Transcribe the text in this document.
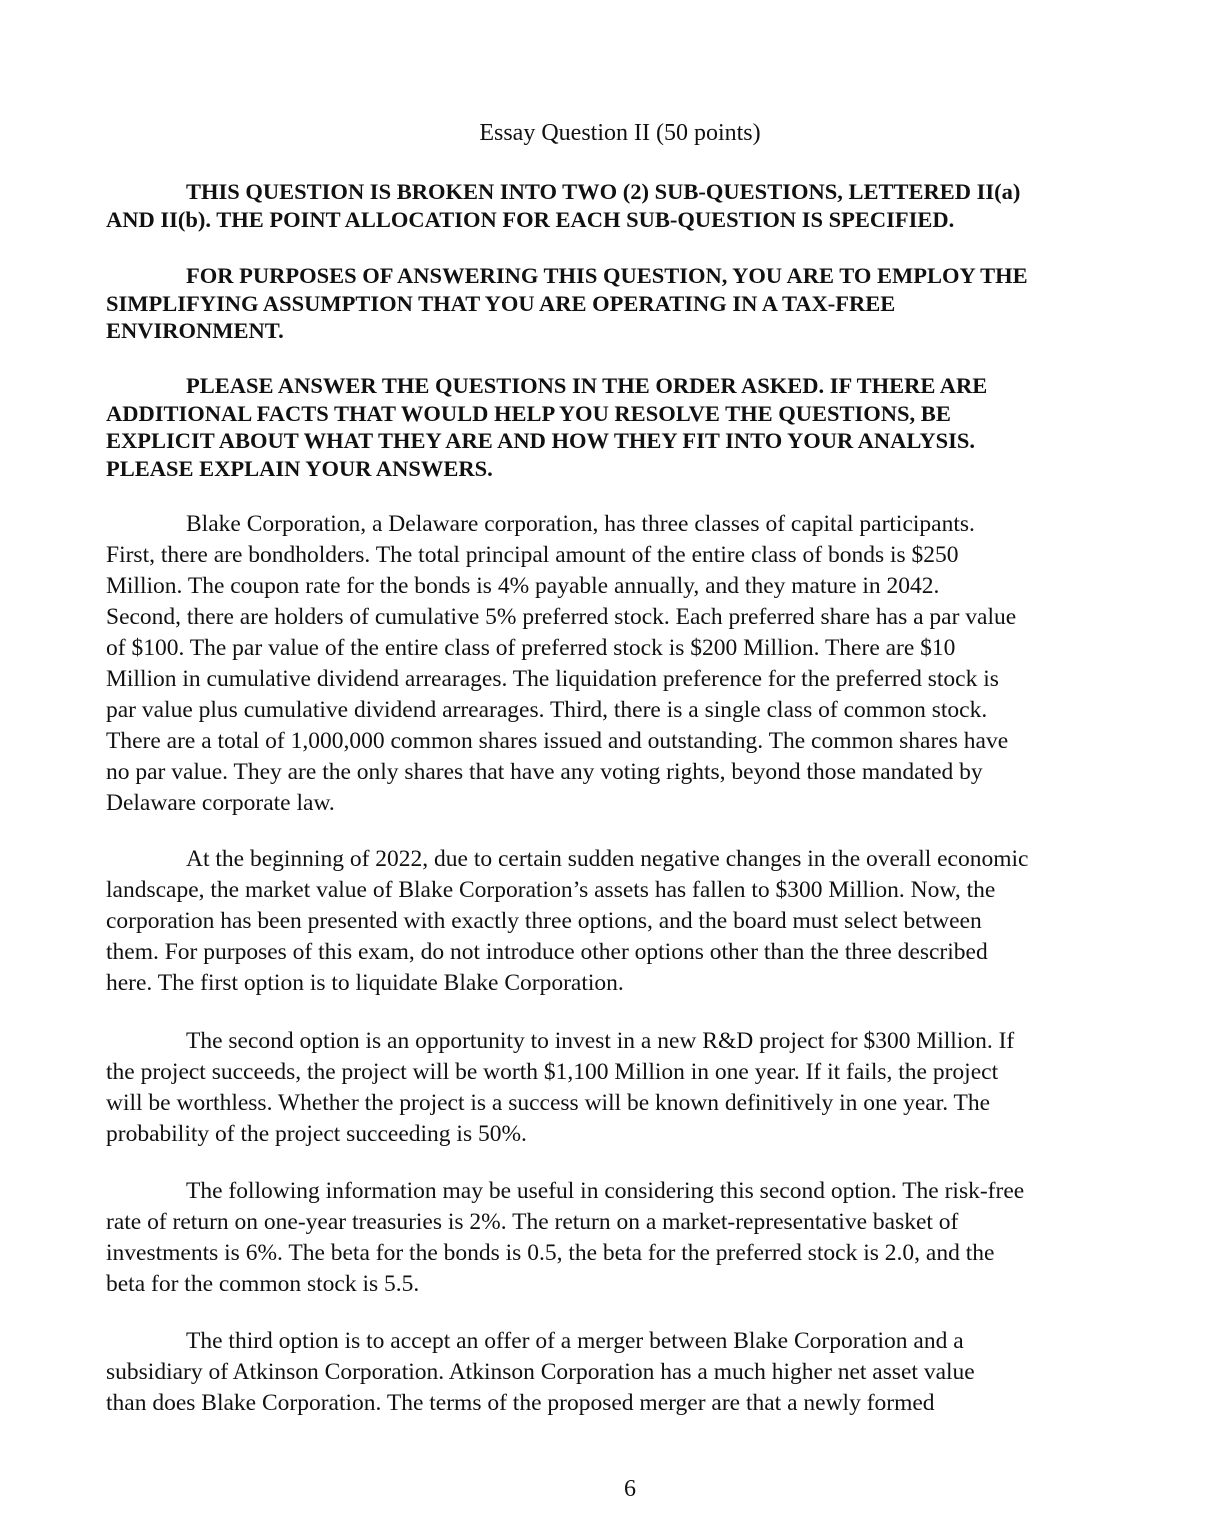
Essay Question II (50 points)
THIS QUESTION IS BROKEN INTO TWO (2) SUB-QUESTIONS, LETTERED II(a)
AND II(b). THE POINT ALLOCATION FOR EACH SUB-QUESTION IS SPECIFIED.
FOR PURPOSES OF ANSWERING THIS QUESTION, YOU ARE TO EMPLOY THE
SIMPLIFYING ASSUMPTION THAT YOU ARE OPERATING IN A TAX-FREE
ENVIRONMENT.
PLEASE ANSWER THE QUESTIONS IN THE ORDER ASKED. IF THERE ARE
ADDITIONAL FACTS THAT WOULD HELP YOU RESOLVE THE QUESTIONS, BE
EXPLICIT ABOUT WHAT THEY ARE AND HOW THEY FIT INTO YOUR ANALYSIS.
PLEASE EXPLAIN YOUR ANSWERS.
Blake Corporation, a Delaware corporation, has three classes of capital participants.
First, there are bondholders. The total principal amount of the entire class of bonds is $250
Million. The coupon rate for the bonds is 4% payable annually, and they mature in 2042.
Second, there are holders of cumulative 5% preferred stock. Each preferred share has a par value
of $100. The par value of the entire class of preferred stock is $200 Million. There are $10
Million in cumulative dividend arrearages. The liquidation preference for the preferred stock is
par value plus cumulative dividend arrearages. Third, there is a single class of common stock.
There are a total of 1,000,000 common shares issued and outstanding. The common shares have
no par value. They are the only shares that have any voting rights, beyond those mandated by
Delaware corporate law.
At the beginning of 2022, due to certain sudden negative changes in the overall economic
landscape, the market value of Blake Corporation’s assets has fallen to $300 Million. Now, the
corporation has been presented with exactly three options, and the board must select between
them. For purposes of this exam, do not introduce other options other than the three described
here. The first option is to liquidate Blake Corporation.
The second option is an opportunity to invest in a new R&D project for $300 Million. If
the project succeeds, the project will be worth $1,100 Million in one year. If it fails, the project
will be worthless. Whether the project is a success will be known definitively in one year. The
probability of the project succeeding is 50%.
The following information may be useful in considering this second option. The risk-free
rate of return on one-year treasuries is 2%. The return on a market-representative basket of
investments is 6%. The beta for the bonds is 0.5, the beta for the preferred stock is 2.0, and the
beta for the common stock is 5.5.
The third option is to accept an offer of a merger between Blake Corporation and a
subsidiary of Atkinson Corporation. Atkinson Corporation has a much higher net asset value
than does Blake Corporation. The terms of the proposed merger are that a newly formed
6
